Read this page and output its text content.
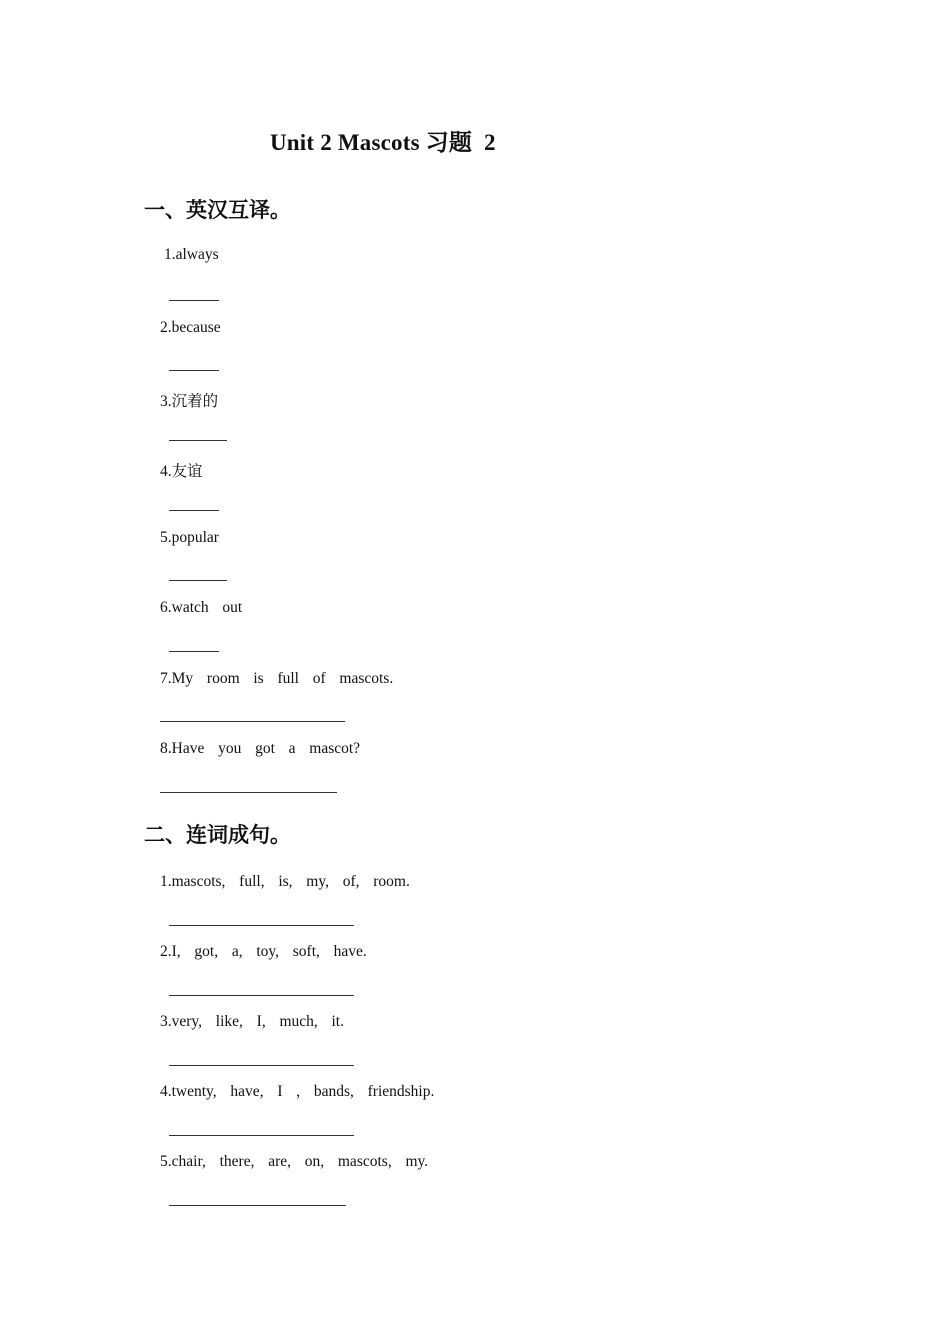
Unit 2 Mascots 习题  2
一、英汉互译。
1.always
2.because
3.沉着的
4.友谊
5.popular
6.watch  out
7.My  room  is  full  of  mascots.
8.Have  you  got  a  mascot?
二、连词成句。
1.mascots,  full,  is,  my,  of,  room.
2.I,  got,  a,  toy,  soft,  have.
3.very,  like,  I,  much,  it.
4.twenty,  have,  I  ,  bands,  friendship.
5.chair,  there,  are,  on,  mascots,  my.
